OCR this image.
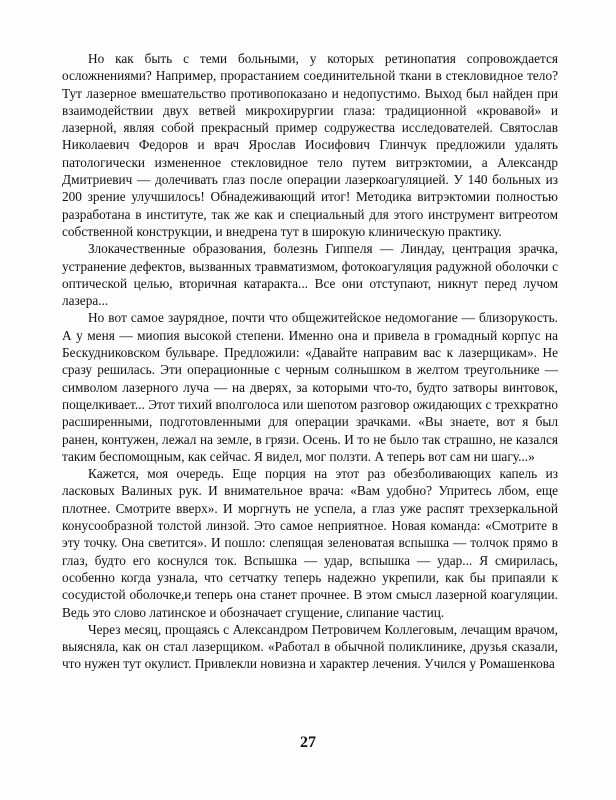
Но как быть с теми больными, у которых ретинопатия сопровождается осложнениями? Например, прорастанием соединительной ткани в стекловидное тело? Тут лазерное вмешательство противопоказано и недопустимо. Выход был найден при взаимодействии двух ветвей микрохирургии глаза: традиционной «кровавой» и лазерной, являя собой прекрасный пример содружества исследователей. Святослав Николаевич Федоров и врач Ярослав Иосифович Глинчук предложили удалять патологически измененное стекловидное тело путем витрэктомии, а Александр Дмитриевич — долечивать глаз после операции лазеркоагуляцией. У 140 больных из 200 зрение улучшилось! Обнадеживающий итог! Методика витрэктомии полностью разработана в институте, так же как и специальный для этого инструмент витреотом собственной конструкции, и внедрена тут в широкую клиническую практику.

Злокачественные образования, болезнь Гиппеля — Линдау, центрация зрачка, устранение дефектов, вызванных травматизмом, фотокоагуляция радужной оболочки с оптической целью, вторичная катаракта... Все они отступают, никнут перед лучом лазера...

Но вот самое заурядное, почти что общежитейское недомогание — близорукость. А у меня — миопия высокой степени. Именно она и привела в громадный корпус на Бескудниковском бульваре. Предложили: «Давайте направим вас к лазерщикам». Не сразу решилась. Эти операционные с черным солнышком в желтом треугольнике — символом лазерного луча — на дверях, за которыми что-то, будто затворы винтовок, пощелкивает... Этот тихий вполголоса или шепотом разговор ожидающих с трехкратно расширенными, подготовленными для операции зрачками. «Вы знаете, вот я был ранен, контужен, лежал на земле, в грязи. Осень. И то не было так страшно, не казался таким беспомощным, как сейчас. Я видел, мог ползти. А теперь вот сам ни шагу...»

Кажется, моя очередь. Еще порция на этот раз обезболивающих капель из ласковых Валиных рук. И внимательное врача: «Вам удобно? Упритесь лбом, еще плотнее. Смотрите вверх». И моргнуть не успела, а глаз уже распят трехзеркальной конусообразной толстой линзой. Это самое неприятное. Новая команда: «Смотрите в эту точку. Она светится». И пошло: слепящая зеленоватая вспышка — толчок прямо в глаз, будто его коснулся ток. Вспышка — удар, вспышка — удар... Я смирилась, особенно когда узнала, что сетчатку теперь надежно укрепили, как бы припаяли к сосудистой оболочке,и теперь она станет прочнее. В этом смысл лазерной коагуляции. Ведь это слово латинское и обозначает сгущение, слипание частиц.

Через месяц, прощаясь с Александром Петровичем Коллеговым, лечащим врачом, выясняла, как он стал лазерщиком. «Работал в обычной поликлинике, друзья сказали, что нужен тут окулист. Привлекли новизна и характер лечения. Учился у Ромашенкова

27
